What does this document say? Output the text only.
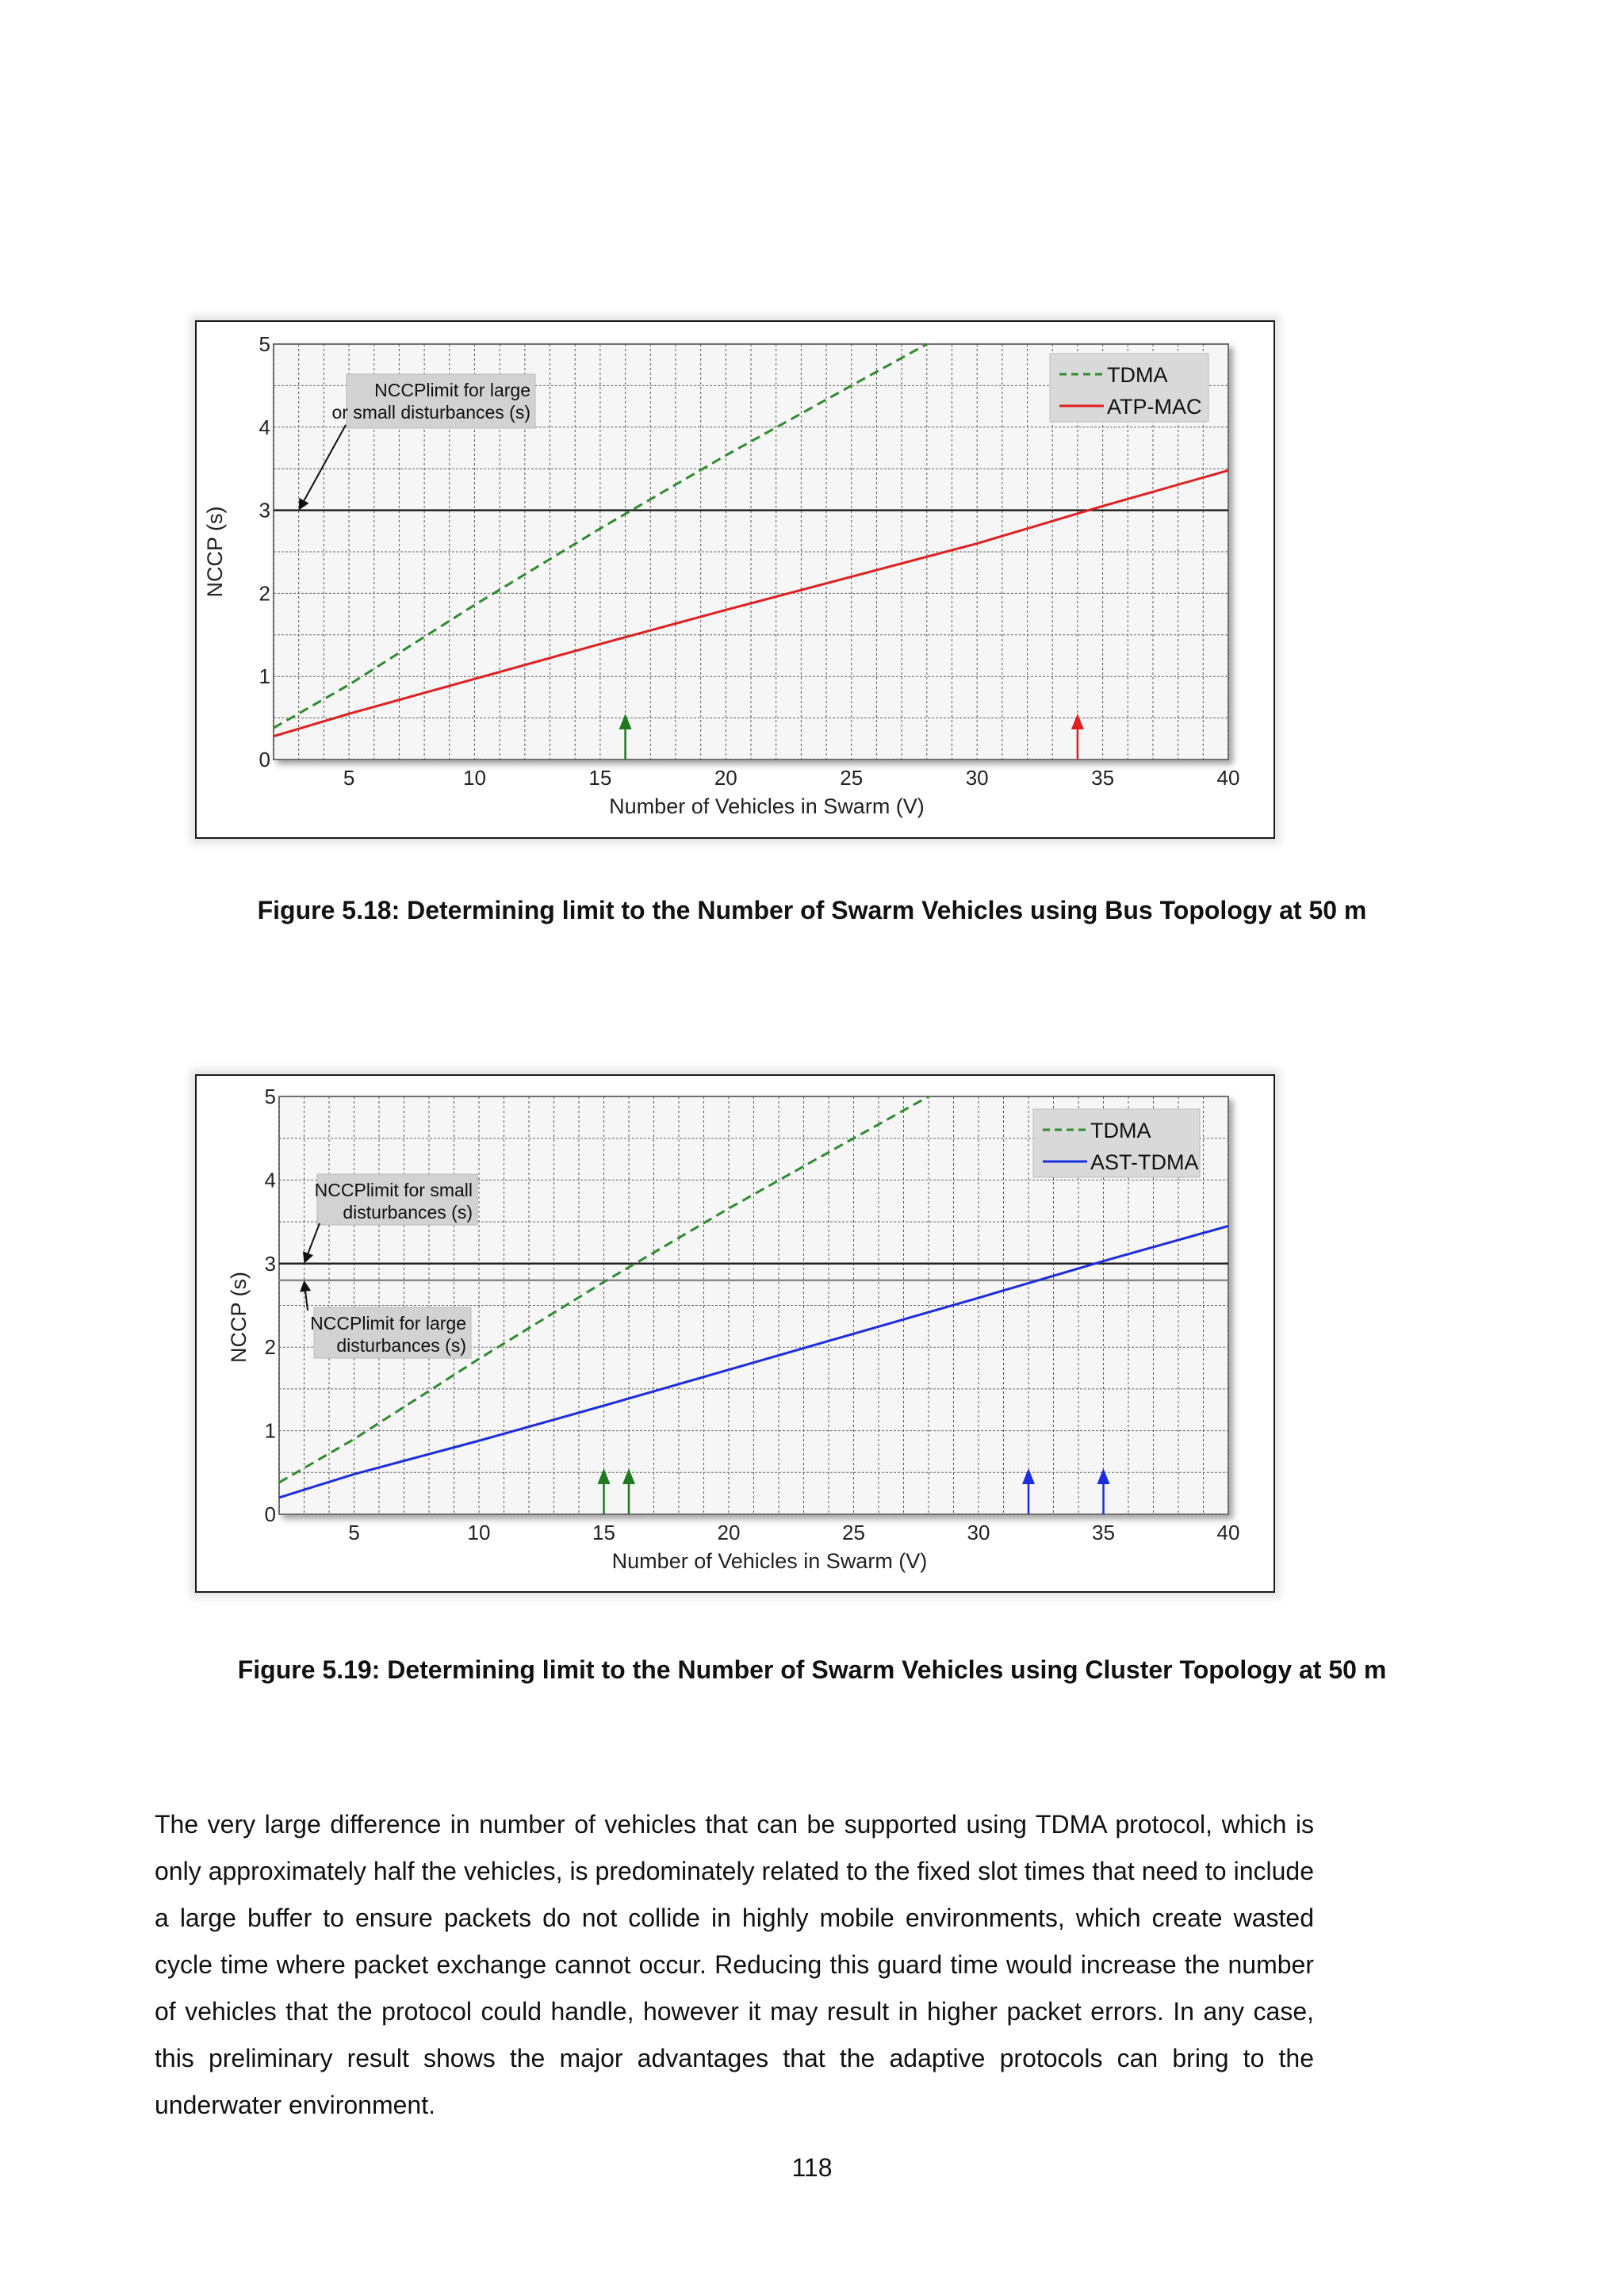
0
1
2
3
4
5
5	10	15	20	25	30	35	40
Number of Vehicles in Swarm (V)
NCCP (s)
TDMA
ATP-MAC
NCCPlimit for large
or small disturbances (s)
Figure 5.18: Determining limit to the Number of Swarm Vehicles using Bus Topology at 50 m
0
1
2
3
4
5
5	10	15	20	25	30	35	40
Number of Vehicles in Swarm (V)
NCCP (s)
TDMA
AST-TDMA
NCCPlimit for small
disturbances (s)
NCCPlimit for large
disturbances (s)
Figure 5.19: Determining limit to the Number of Swarm Vehicles using Cluster Topology at 50 m
The very large difference in number of vehicles that can be supported using TDMA protocol, which is only approximately half the vehicles, is predominately related to the fixed slot times that need to include a large buffer to ensure packets do not collide in highly mobile environments, which create wasted cycle time where packet exchange cannot occur. Reducing this guard time would increase the number of vehicles that the protocol could handle, however it may result in higher packet errors. In any case, this preliminary result shows the major advantages that the adaptive protocols can bring to the underwater environment.
118
